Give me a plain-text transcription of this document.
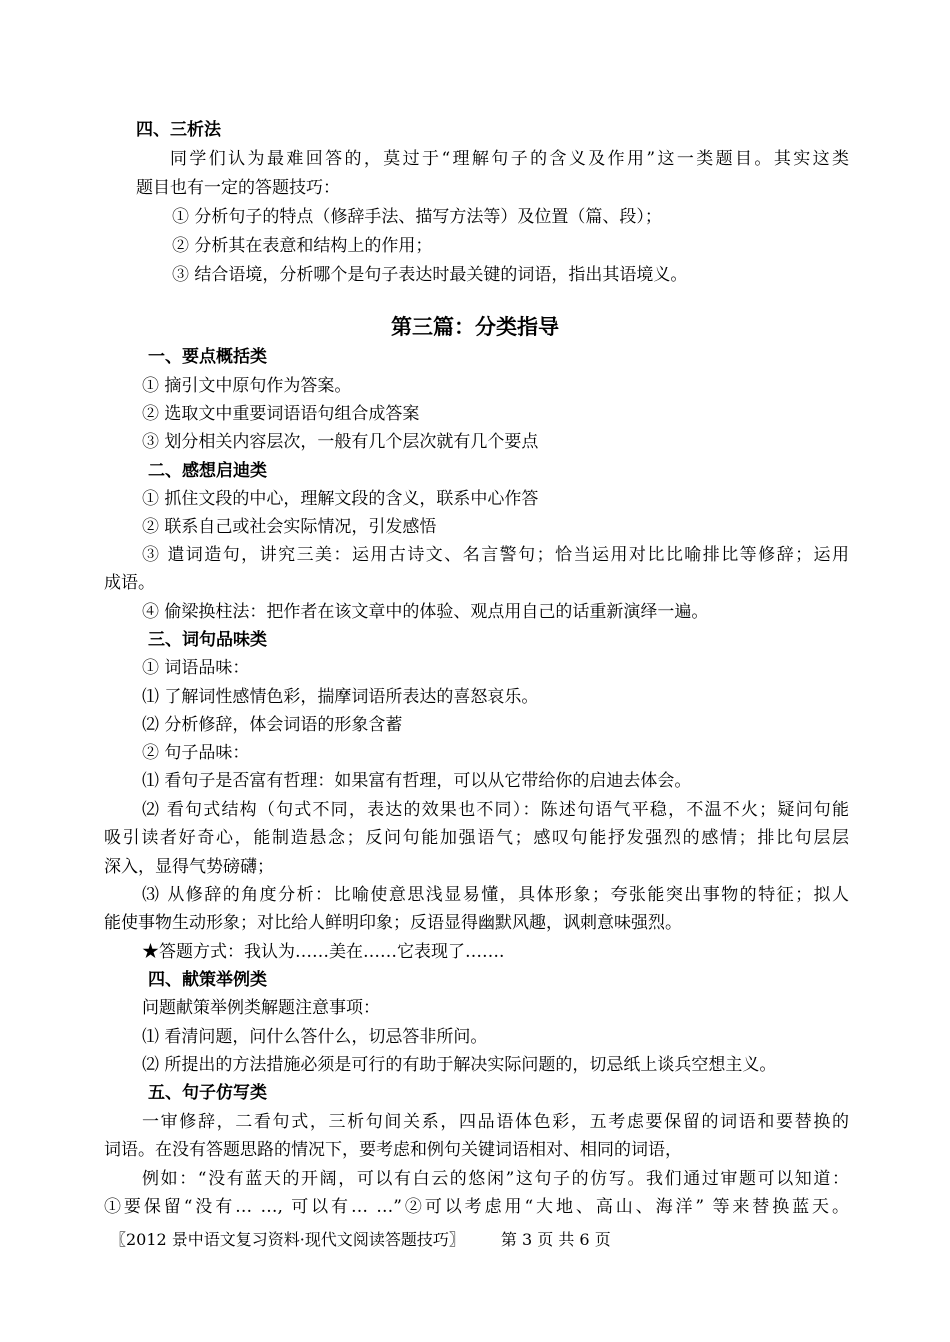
四、三析法
同学们认为最难回答的，莫过于“理解句子的含义及作用”这一类题目。其实这类
题目也有一定的答题技巧：
① 分析句子的特点（修辞手法、描写方法等）及位置（篇、段）；
② 分析其在表意和结构上的作用；
③ 结合语境，分析哪个是句子表达时最关键的词语，指出其语境义。
第三篇：分类指导
一、要点概括类
① 摘引文中原句作为答案。
② 选取文中重要词语语句组合成答案
③ 划分相关内容层次，一般有几个层次就有几个要点
二、感想启迪类
① 抓住文段的中心，理解文段的含义，联系中心作答
② 联系自己或社会实际情况，引发感悟
③ 遣词造句，讲究三美：运用古诗文、名言警句；恰当运用对比比喻排比等修辞；运用
成语。
④ 偷梁换柱法：把作者在该文章中的体验、观点用自己的话重新演绎一遍。
三、词句品味类
① 词语品味：
⑴ 了解词性感情色彩，揣摩词语所表达的喜怒哀乐。
⑵ 分析修辞，体会词语的形象含蓄
② 句子品味：
⑴ 看句子是否富有哲理：如果富有哲理，可以从它带给你的启迪去体会。
⑵ 看句式结构（句式不同，表达的效果也不同）：陈述句语气平稳，不温不火；疑问句能
吸引读者好奇心，能制造悬念；反问句能加强语气；感叹句能抒发强烈的感情；排比句层层
深入，显得气势磅礴；
⑶ 从修辞的角度分析：比喻使意思浅显易懂，具体形象；夸张能突出事物的特征；拟人
能使事物生动形象；对比给人鲜明印象；反语显得幽默风趣，讽刺意味强烈。
★答题方式：我认为……美在……它表现了…….
四、献策举例类
问题献策举例类解题注意事项：
⑴ 看清问题，问什么答什么，切忌答非所问。
⑵ 所提出的方法措施必须是可行的有助于解决实际问题的，切忌纸上谈兵空想主义。
五、句子仿写类
一审修辞，二看句式，三析句间关系，四品语体色彩，五考虑要保留的词语和要替换的
词语。在没有答题思路的情况下，要考虑和例句关键词语相对、相同的词语，
例如：“没有蓝天的开阔，可以有白云的悠闲”这句子的仿写。我们通过审题可以知道：
①要保留“没有… …, 可以有… …”②可以考虑用“大地、高山、海洋” 等来替换蓝天。
〖2012 景中语文复习资料·现代文阅读答题技巧〗 第 3 页 共 6 页
